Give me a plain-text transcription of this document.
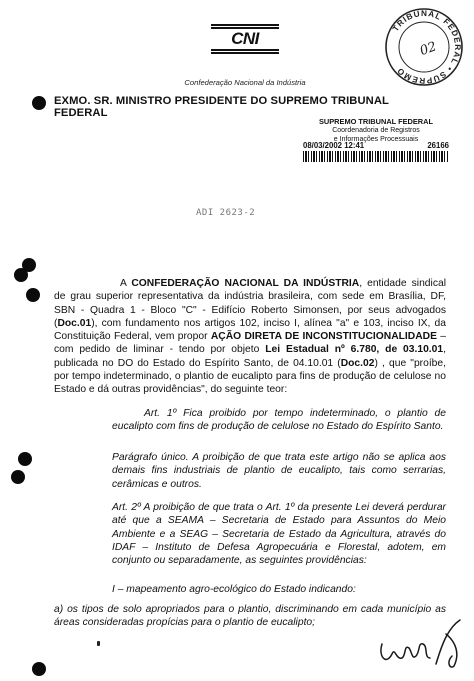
CNI
Confederação Nacional da Indústria
TRIBUNAL FEDERAL • SUPREMO
02
EXMO. SR. MINISTRO PRESIDENTE DO SUPREMO TRIBUNAL FEDERAL
SUPREMO TRIBUNAL FEDERAL
Coordenadoria de Registros
e Informações Processuais
08/03/2002 12:41	26166
ADI 2623-2
A CONFEDERAÇÃO NACIONAL DA INDÚSTRIA, entidade sindical de grau superior representativa da indústria brasileira, com sede em Brasília, DF, SBN - Quadra 1 - Bloco "C" - Edifício Roberto Simonsen, por seus advogados (Doc.01), com fundamento nos artigos 102, inciso I, alínea "a" e 103, inciso IX, da Constituição Federal, vem propor AÇÃO DIRETA DE INCONSTITUCIONALIDADE – com pedido de liminar - tendo por objeto Lei Estadual nº 6.780, de 03.10.01, publicada no DO do Estado do Espírito Santo, de 04.10.01 (Doc.02) , que "proíbe, por tempo indeterminado, o plantio de eucalipto para fins de produção de celulose no Estado e dá outras providências", do seguinte teor:
Art. 1º Fica proibido por tempo indeterminado, o plantio de eucalipto com fins de produção de celulose no Estado do Espírito Santo.
Parágrafo único. A proibição de que trata este artigo não se aplica aos demais fins industriais de plantio de eucalipto, tais como serrarias, cerâmicas e outros.
Art. 2º A proibição de que trata o Art. 1º da presente Lei deverá perdurar até que a SEAMA – Secretaria de Estado para Assuntos do Meio Ambiente e a SEAG – Secretaria de Estado da Agricultura, através do IDAF – Instituto de Defesa Agropecuária e Florestal, adotem, em conjunto ou separadamente, as seguintes providências:
I – mapeamento agro-ecológico do Estado indicando:
a) os tipos de solo apropriados para o plantio, discriminando em cada município as áreas consideradas propícias para o plantio de eucalipto;
